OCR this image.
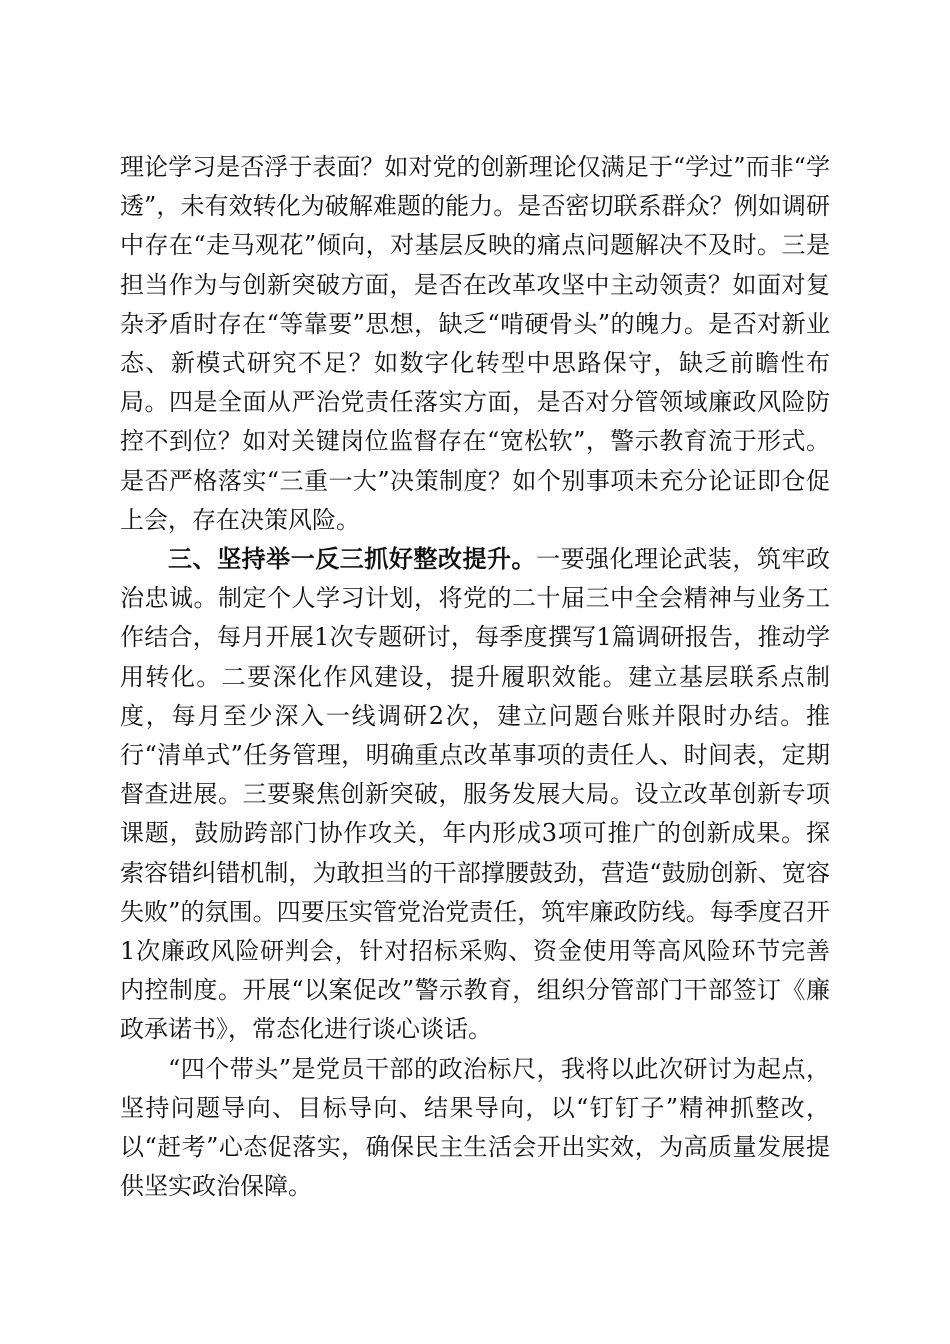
理论学习是否浮于表面？如对党的创新理论仅满足于“学过”而非“学透”，未有效转化为破解难题的能力。是否密切联系群众？例如调研中存在“走马观花”倾向，对基层反映的痛点问题解决不及时。三是担当作为与创新突破方面，是否在改革攻坚中主动领责？如面对复杂矛盾时存在“等靠要”思想，缺乏“啃硬骨头”的魄力。是否对新业态、新模式研究不足？如数字化转型中思路保守，缺乏前瞻性布局。四是全面从严治党责任落实方面，是否对分管领域廉政风险防控不到位？如对关键岗位监督存在“宽松软”，警示教育流于形式。是否严格落实“三重一大”决策制度？如个别事项未充分论证即仓促上会，存在决策风险。

三、坚持举一反三抓好整改提升。一要强化理论武装，筑牢政治忠诚。制定个人学习计划，将党的二十届三中全会精神与业务工作结合，每月开展1次专题研讨，每季度撰写1篇调研报告，推动学用转化。二要深化作风建设，提升履职效能。建立基层联系点制度，每月至少深入一线调研2次，建立问题台账并限时办结。推行“清单式”任务管理，明确重点改革事项的责任人、时间表，定期督查进展。三要聚焦创新突破，服务发展大局。设立改革创新专项课题，鼓励跨部门协作攻关，年内形成3项可推广的创新成果。探索容错纠错机制，为敢担当的干部撑腰鼓劲，营造“鼓励创新、宽容失败”的氛围。四要压实管党治党责任，筑牢廉政防线。每季度召开1次廉政风险研判会，针对招标采购、资金使用等高风险环节完善内控制度。开展“以案促改”警示教育，组织分管部门干部签订《廉政承诺书》，常态化进行谈心谈话。

“四个带头”是党员干部的政治标尺，我将以此次研讨为起点，坚持问题导向、目标导向、结果导向，以“钉钉子”精神抓整改，以“赶考”心态促落实，确保民主生活会开出实效，为高质量发展提供坚实政治保障。
